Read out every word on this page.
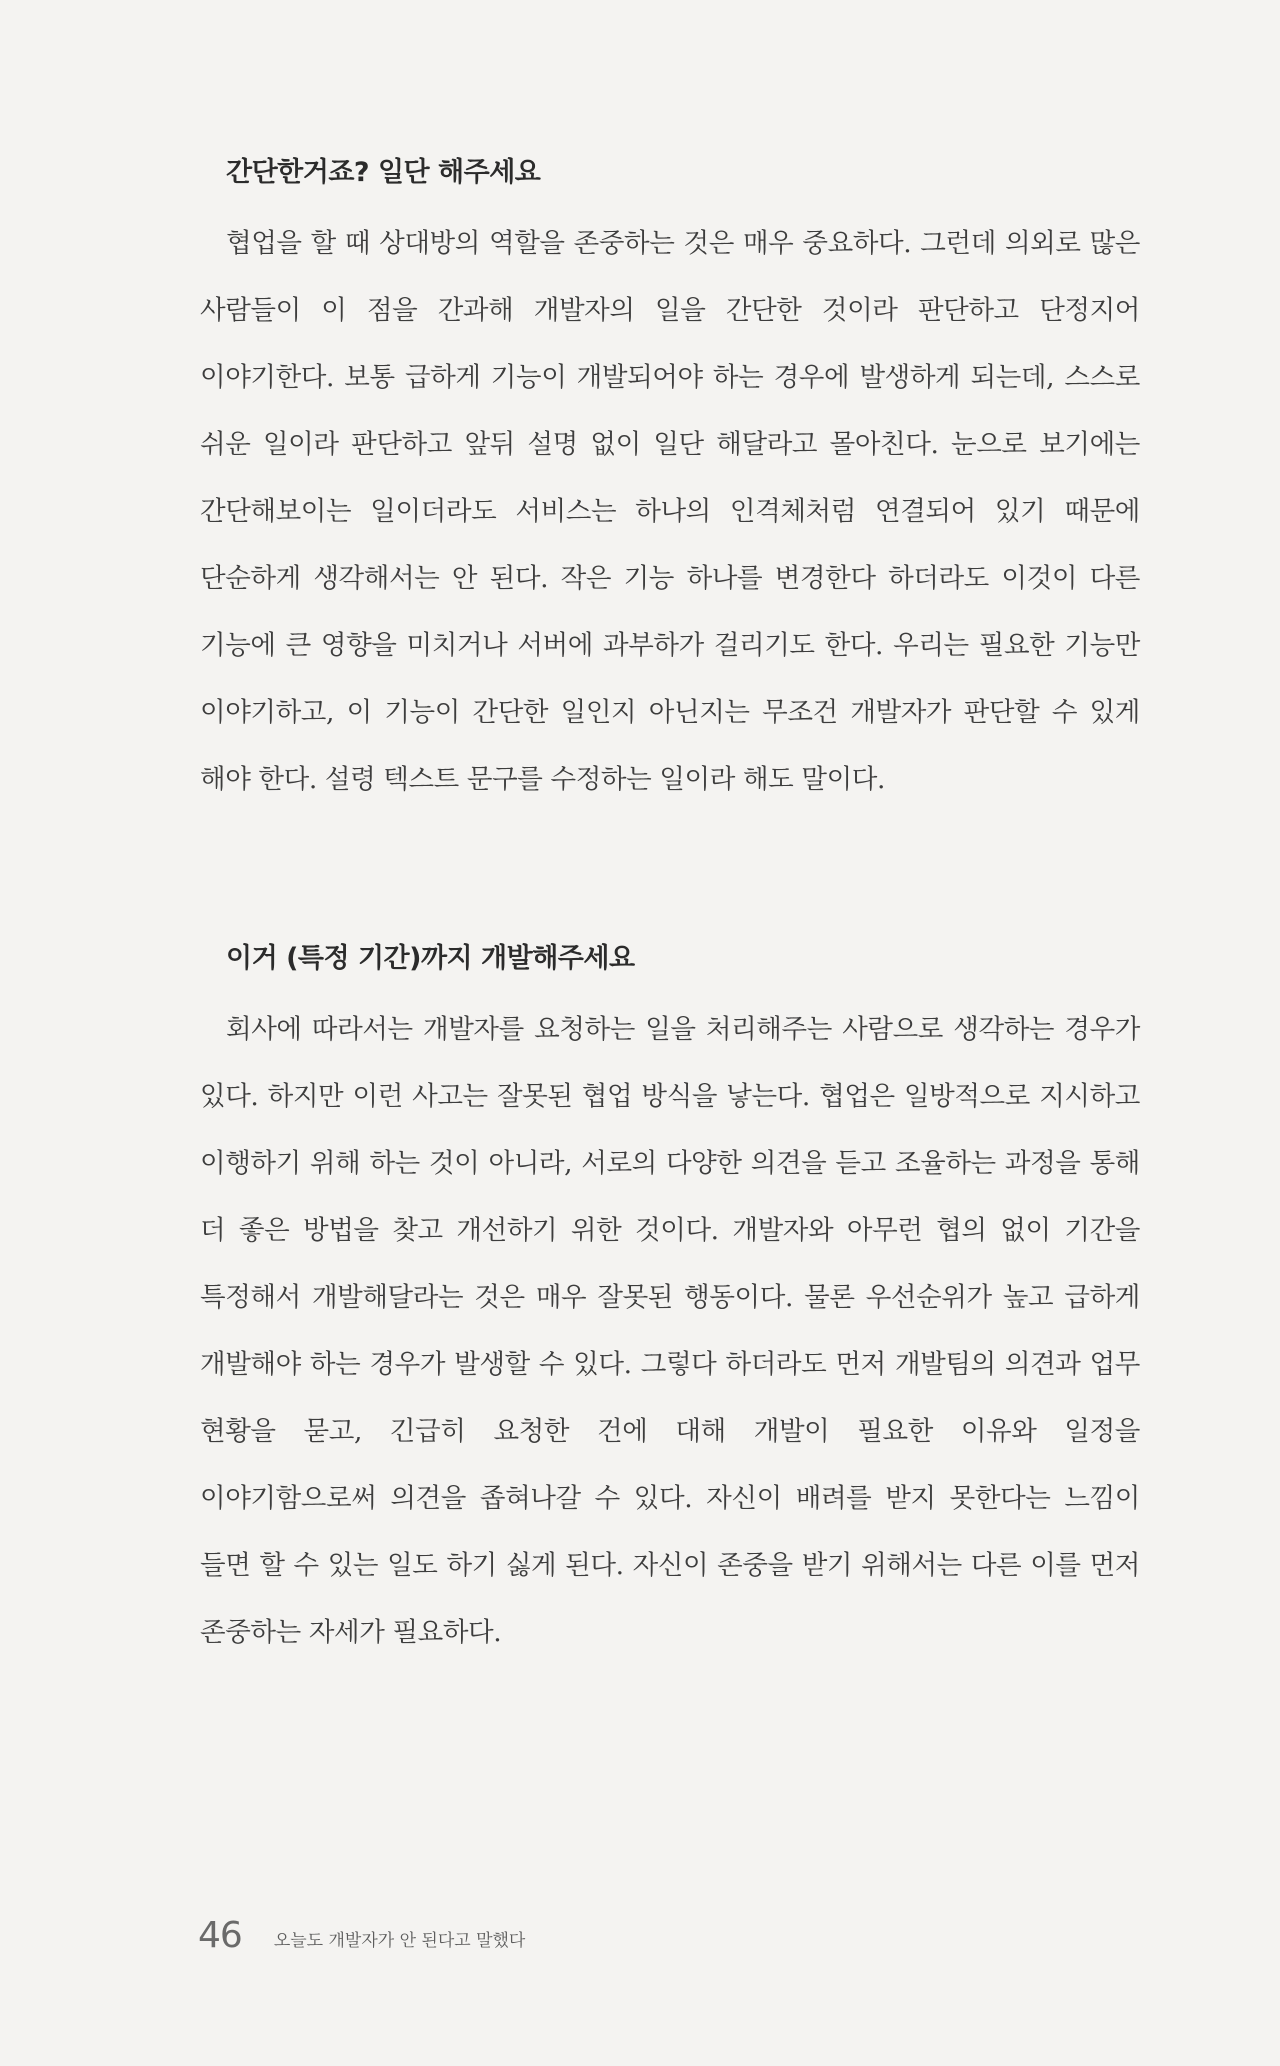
간단한거죠? 일단 해주세요

협업을 할 때 상대방의 역할을 존중하는 것은 매우 중요하다. 그런데 의외로 많은 사람들이 이 점을 간과해 개발자의 일을 간단한 것이라 판단하고 단정지어 이야기한다. 보통 급하게 기능이 개발되어야 하는 경우에 발생하게 되는데, 스스로 쉬운 일이라 판단하고 앞뒤 설명 없이 일단 해달라고 몰아친다. 눈으로 보기에는 간단해보이는 일이더라도 서비스는 하나의 인격체처럼 연결되어 있기 때문에 단순하게 생각해서는 안 된다. 작은 기능 하나를 변경한다 하더라도 이것이 다른 기능에 큰 영향을 미치거나 서버에 과부하가 걸리기도 한다. 우리는 필요한 기능만 이야기하고, 이 기능이 간단한 일인지 아닌지는 무조건 개발자가 판단할 수 있게 해야 한다. 설령 텍스트 문구를 수정하는 일이라 해도 말이다.

이거 (특정 기간)까지 개발해주세요

회사에 따라서는 개발자를 요청하는 일을 처리해주는 사람으로 생각하는 경우가 있다. 하지만 이런 사고는 잘못된 협업 방식을 낳는다. 협업은 일방적으로 지시하고 이행하기 위해 하는 것이 아니라, 서로의 다양한 의견을 듣고 조율하는 과정을 통해 더 좋은 방법을 찾고 개선하기 위한 것이다. 개발자와 아무런 협의 없이 기간을 특정해서 개발해달라는 것은 매우 잘못된 행동이다. 물론 우선순위가 높고 급하게 개발해야 하는 경우가 발생할 수 있다. 그렇다 하더라도 먼저 개발팀의 의견과 업무 현황을 묻고, 긴급히 요청한 건에 대해 개발이 필요한 이유와 일정을 이야기함으로써 의견을 좁혀나갈 수 있다. 자신이 배려를 받지 못한다는 느낌이 들면 할 수 있는 일도 하기 싫게 된다. 자신이 존중을 받기 위해서는 다른 이를 먼저 존중하는 자세가 필요하다.

46 오늘도 개발자가 안 된다고 말했다
